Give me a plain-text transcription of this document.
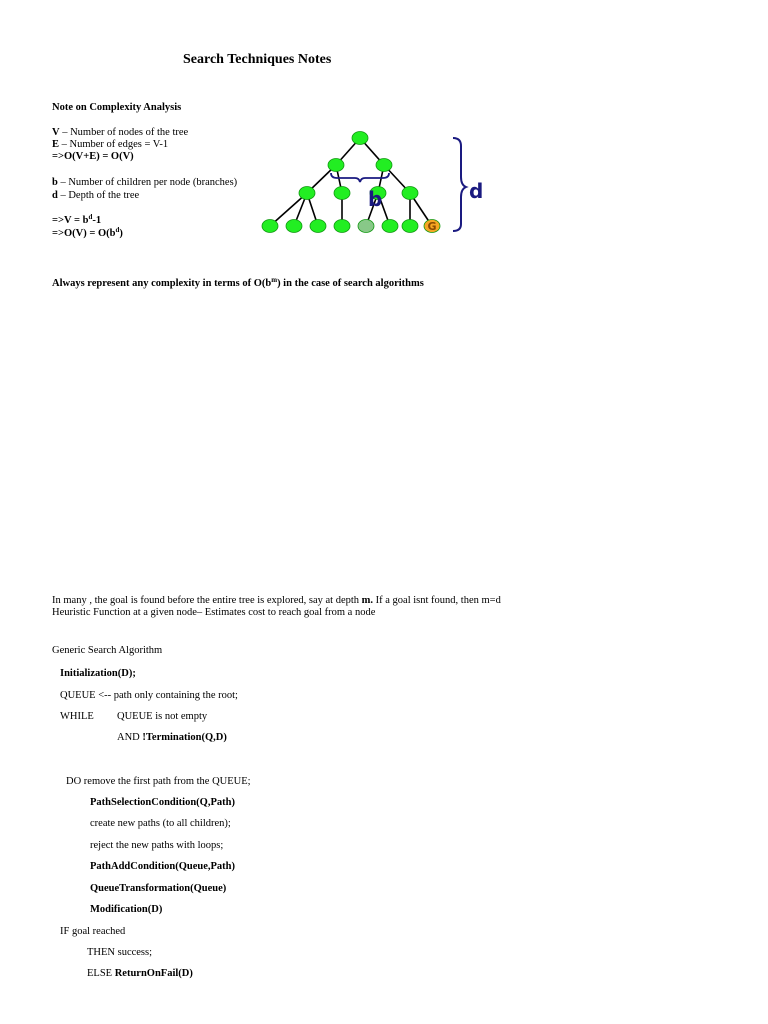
Search Techniques Notes
Note on Complexity Analysis
V – Number of nodes of the tree
E – Number of edges = V-1
=>O(V+E) = O(V)
b – Number of children per node (branches)
d – Depth of the tree
$=>V = b^d-1$
$=>O(V) = O(b^d)$
G
b	d
Always represent any complexity in terms of $O(b^m)$ in the case of search algorithms
In many , the goal is found before the entire tree is explored, say at depth m. If a goal isnt found, then m=d
Heuristic Function at a given node– Estimates cost to reach goal from a node
Generic Search Algorithm
Initialization(D);
QUEUE <-- path only containing the root;
WHILE QUEUE is not empty
AND !Termination(Q,D)
DO remove the first path from the QUEUE;
PathSelectionCondition(Q,Path)
create new paths (to all children);
reject the new paths with loops;
PathAddCondition(Queue,Path)
QueueTransformation(Queue)
Modification(D)
IF goal reached
THEN success;
ELSE ReturnOnFail(D)
